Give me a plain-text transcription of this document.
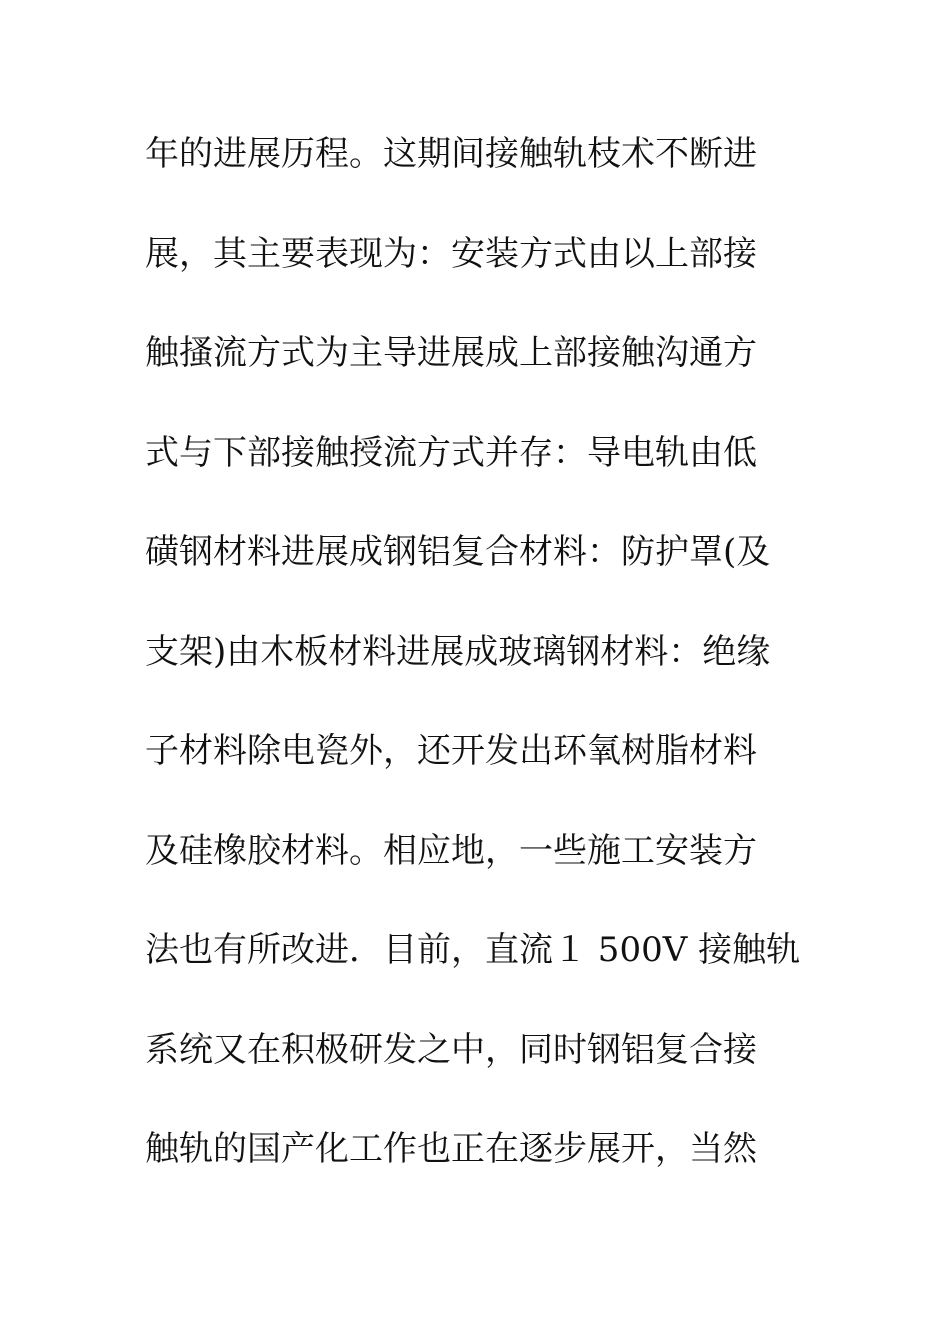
年的进展历程。这期间接触轨枝术不断进
展，其主要表现为：安装方式由以上部接
触搔流方式为主导进展成上部接触沟通方
式与下部接触授流方式并存：导电轨由低
磺钢材料进展成钢铝复合材料：防护罩(及
支架)由木板材料进展成玻璃钢材料：绝缘
子材料除电瓷外，还开发出环氧树脂材料
及硅橡胶材料。相应地，一些施工安装方
法也有所改进．目前，直流１ 500V 接触轨
系统又在积极研发之中，同时钢铝复合接
触轨的国产化工作也正在逐步展开，当然
